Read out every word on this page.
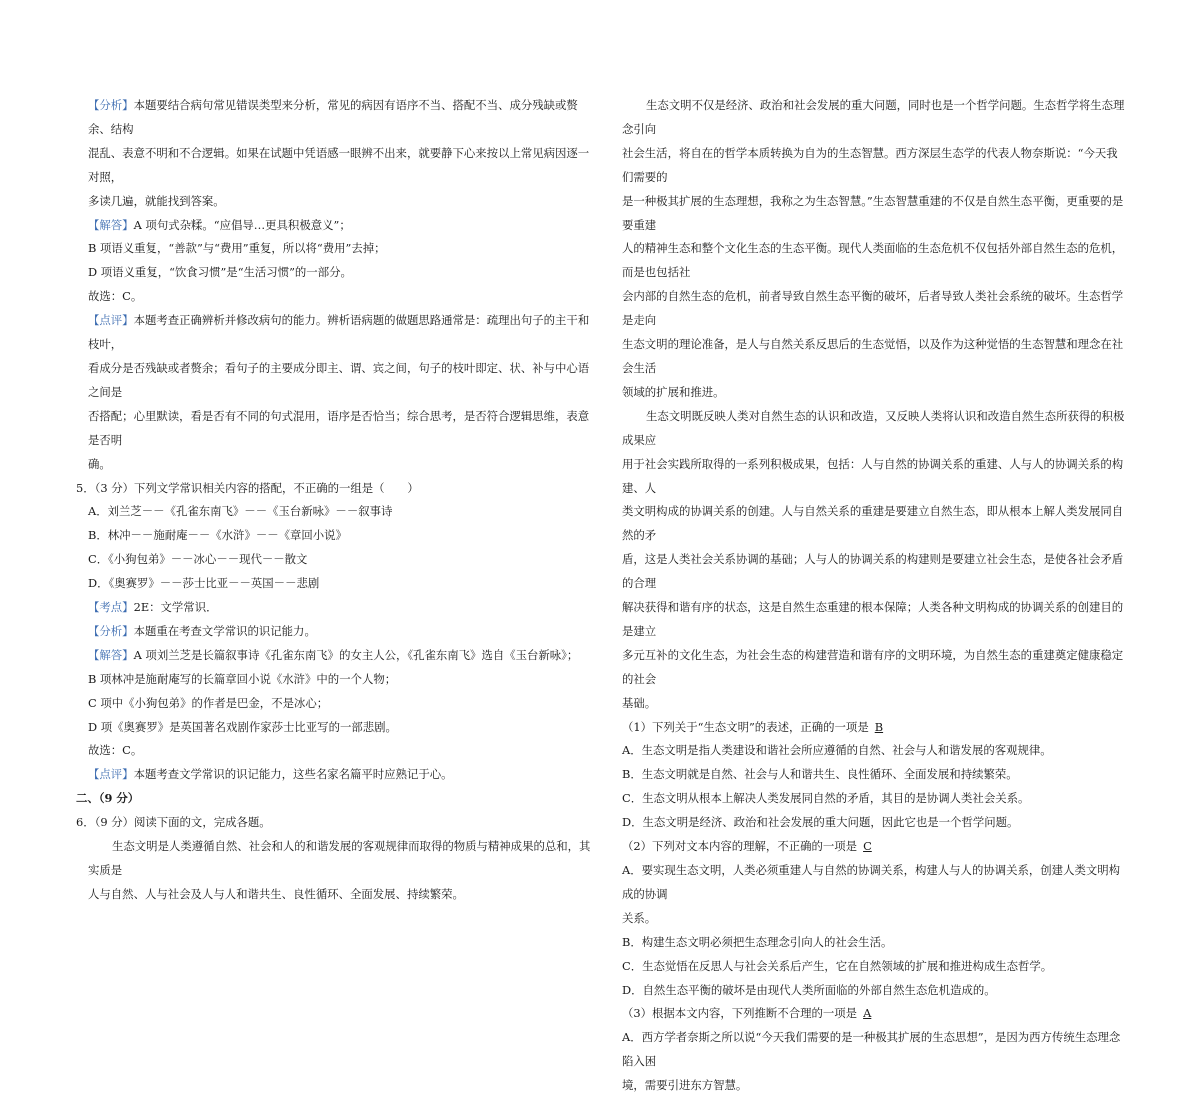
【分析】本题要结合病句常见错误类型来分析，常见的病因有语序不当、搭配不当、成分残缺或赘余、结构

混乱、表意不明和不合逻辑。如果在试题中凭语感一眼辨不出来，就要静下心来按以上常见病因逐一对照，

多读几遍，就能找到答案。

【解答】A 项句式杂糅。“应倡导…更具积极意义”；

B 项语义重复，“善款”与“费用”重复，所以将“费用”去掉；

D 项语义重复，“饮食习惯”是“生活习惯”的一部分。

故选：C。

【点评】本题考查正确辨析并修改病句的能力。辨析语病题的做题思路通常是：疏理出句子的主干和枝叶，

看成分是否残缺或者赘余；看句子的主要成分即主、谓、宾之间，句子的枝叶即定、状、补与中心语之间是

否搭配；心里默读，看是否有不同的句式混用，语序是否恰当；综合思考，是否符合逻辑思维，表意是否明

确。

5．（3 分）下列文学常识相关内容的搭配，不正确的一组是（　　）

A．刘兰芝－－《孔雀东南飞》－－《玉台新咏》－－叙事诗

B．林冲－－施耐庵－－《水浒》－－《章回小说》

C．《小狗包弟》－－冰心－－现代－－散文

D．《奥赛罗》－－莎士比亚－－英国－－悲剧

【考点】2E：文学常识．

【分析】本题重在考查文学常识的识记能力。

【解答】A 项刘兰芝是长篇叙事诗《孔雀东南飞》的女主人公，《孔雀东南飞》选自《玉台新咏》；

B 项林冲是施耐庵写的长篇章回小说《水浒》中的一个人物；

C 项中《小狗包弟》的作者是巴金，不是冰心；

D 项《奥赛罗》是英国著名戏剧作家莎士比亚写的一部悲剧。

故选：C。

【点评】本题考查文学常识的识记能力，这些名家名篇平时应熟记于心。

二、（9 分）

6．（9 分）阅读下面的文，完成各题。

生态文明是人类遵循自然、社会和人的和谐发展的客观规律而取得的物质与精神成果的总和，其实质是

人与自然、人与社会及人与人和谐共生、良性循环、全面发展、持续繁荣。

生态文明不仅是经济、政治和社会发展的重大问题，同时也是一个哲学问题。生态哲学将生态理念引向

社会生活，将自在的哲学本质转换为自为的生态智慧。西方深层生态学的代表人物奈斯说：“今天我们需要的

是一种极其扩展的生态理想，我称之为生态智慧。”生态智慧重建的不仅是自然生态平衡，更重要的是要重建

人的精神生态和整个文化生态的生态平衡。现代人类面临的生态危机不仅包括外部自然生态的危机，而是也包括社

会内部的自然生态的危机，前者导致自然生态平衡的破坏，后者导致人类社会系统的破坏。生态哲学是走向

生态文明的理论准备，是人与自然关系反思后的生态觉悟，以及作为这种觉悟的生态智慧和理念在社会生活

领域的扩展和推进。

生态文明既反映人类对自然生态的认识和改造，又反映人类将认识和改造自然生态所获得的积极成果应

用于社会实践所取得的一系列积极成果，包括：人与自然的协调关系的重建、人与人的协调关系的构建、人

类文明构成的协调关系的创建。人与自然关系的重建是要建立自然生态，即从根本上解人类发展同自然的矛

盾，这是人类社会关系协调的基础；人与人的协调关系的构建则是要建立社会生态，是使各社会矛盾的合理

解决获得和谐有序的状态，这是自然生态重建的根本保障；人类各种文明构成的协调关系的创建目的是建立

多元互补的文化生态，为社会生态的构建营造和谐有序的文明环境，为自然生态的重建奠定健康稳定的社会

基础。

（1）下列关于“生态文明”的表述，正确的一项是 B

A．生态文明是指人类建设和谐社会所应遵循的自然、社会与人和谐发展的客观规律。

B．生态文明就是自然、社会与人和谐共生、良性循环、全面发展和持续繁荣。

C．生态文明从根本上解决人类发展同自然的矛盾，其目的是协调人类社会关系。

D．生态文明是经济、政治和社会发展的重大问题，因此它也是一个哲学问题。

（2）下列对文本内容的理解，不正确的一项是 C

A．要实现生态文明，人类必须重建人与自然的协调关系，构建人与人的协调关系，创建人类文明构成的协调

关系。

B．构建生态文明必须把生态理念引向人的社会生活。

C．生态觉悟在反思人与社会关系后产生，它在自然领域的扩展和推进构成生态哲学。

D．自然生态平衡的破坏是由现代人类所面临的外部自然生态危机造成的。

（3）根据本文内容，下列推断不合理的一项是 A

A．西方学者奈斯之所以说“今天我们需要的是一种极其扩展的生态思想”，是因为西方传统生态理念陷入困

境，需要引进东方智慧。
